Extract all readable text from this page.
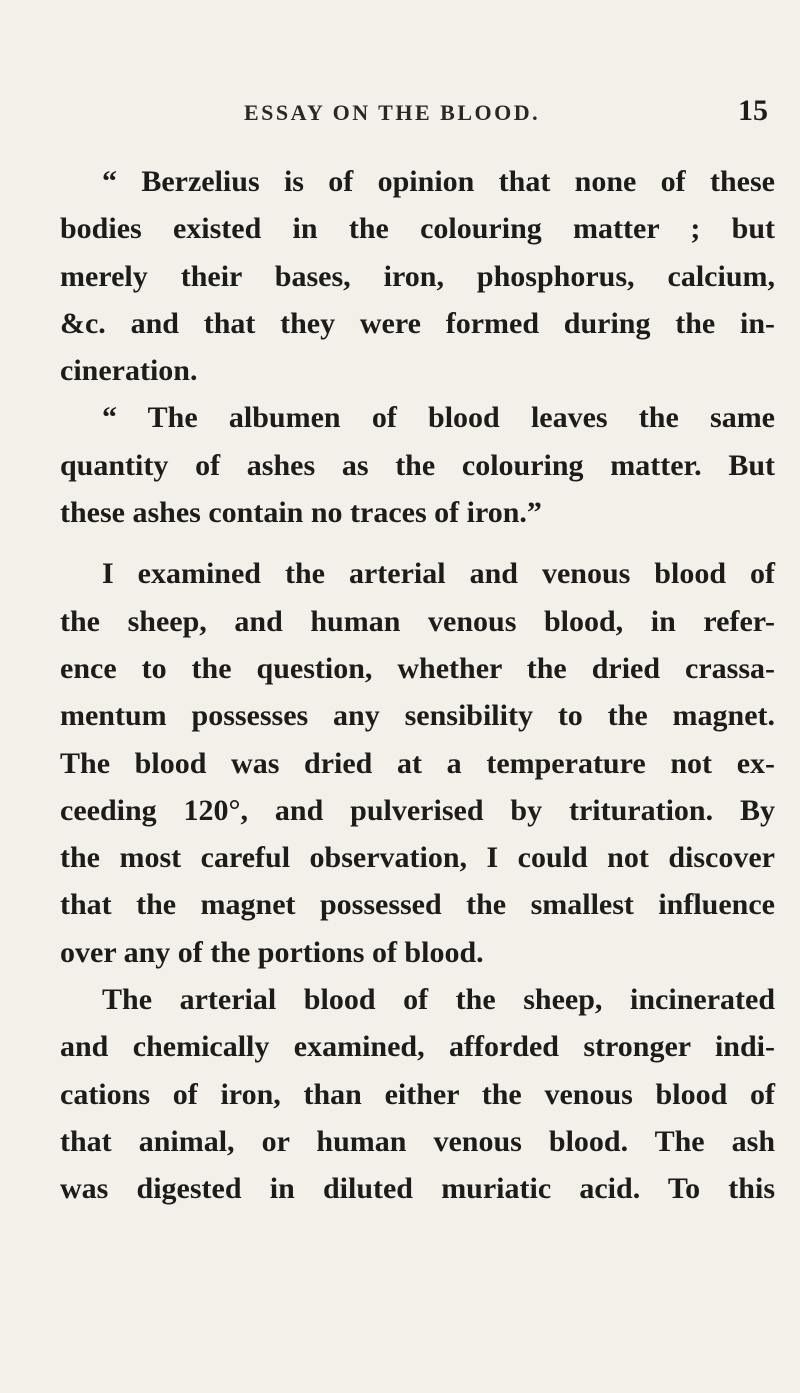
ESSAY ON THE BLOOD.	15
“ Berzelius is of opinion that none of these
bodies existed in the colouring matter ; but
merely their bases, iron, phosphorus, calcium,
&c. and that they were formed during the in-
cineration.
“ The albumen of blood leaves the same
quantity of ashes as the colouring matter. But
these ashes contain no traces of iron.”
I examined the arterial and venous blood of
the sheep, and human venous blood, in refer-
ence to the question, whether the dried crassa-
mentum possesses any sensibility to the magnet.
The blood was dried at a temperature not ex-
ceeding 120°, and pulverised by trituration. By
the most careful observation, I could not discover
that the magnet possessed the smallest influence
over any of the portions of blood.
The arterial blood of the sheep, incinerated
and chemically examined, afforded stronger indi-
cations of iron, than either the venous blood of
that animal, or human venous blood. The ash
was digested in diluted muriatic acid. To this
